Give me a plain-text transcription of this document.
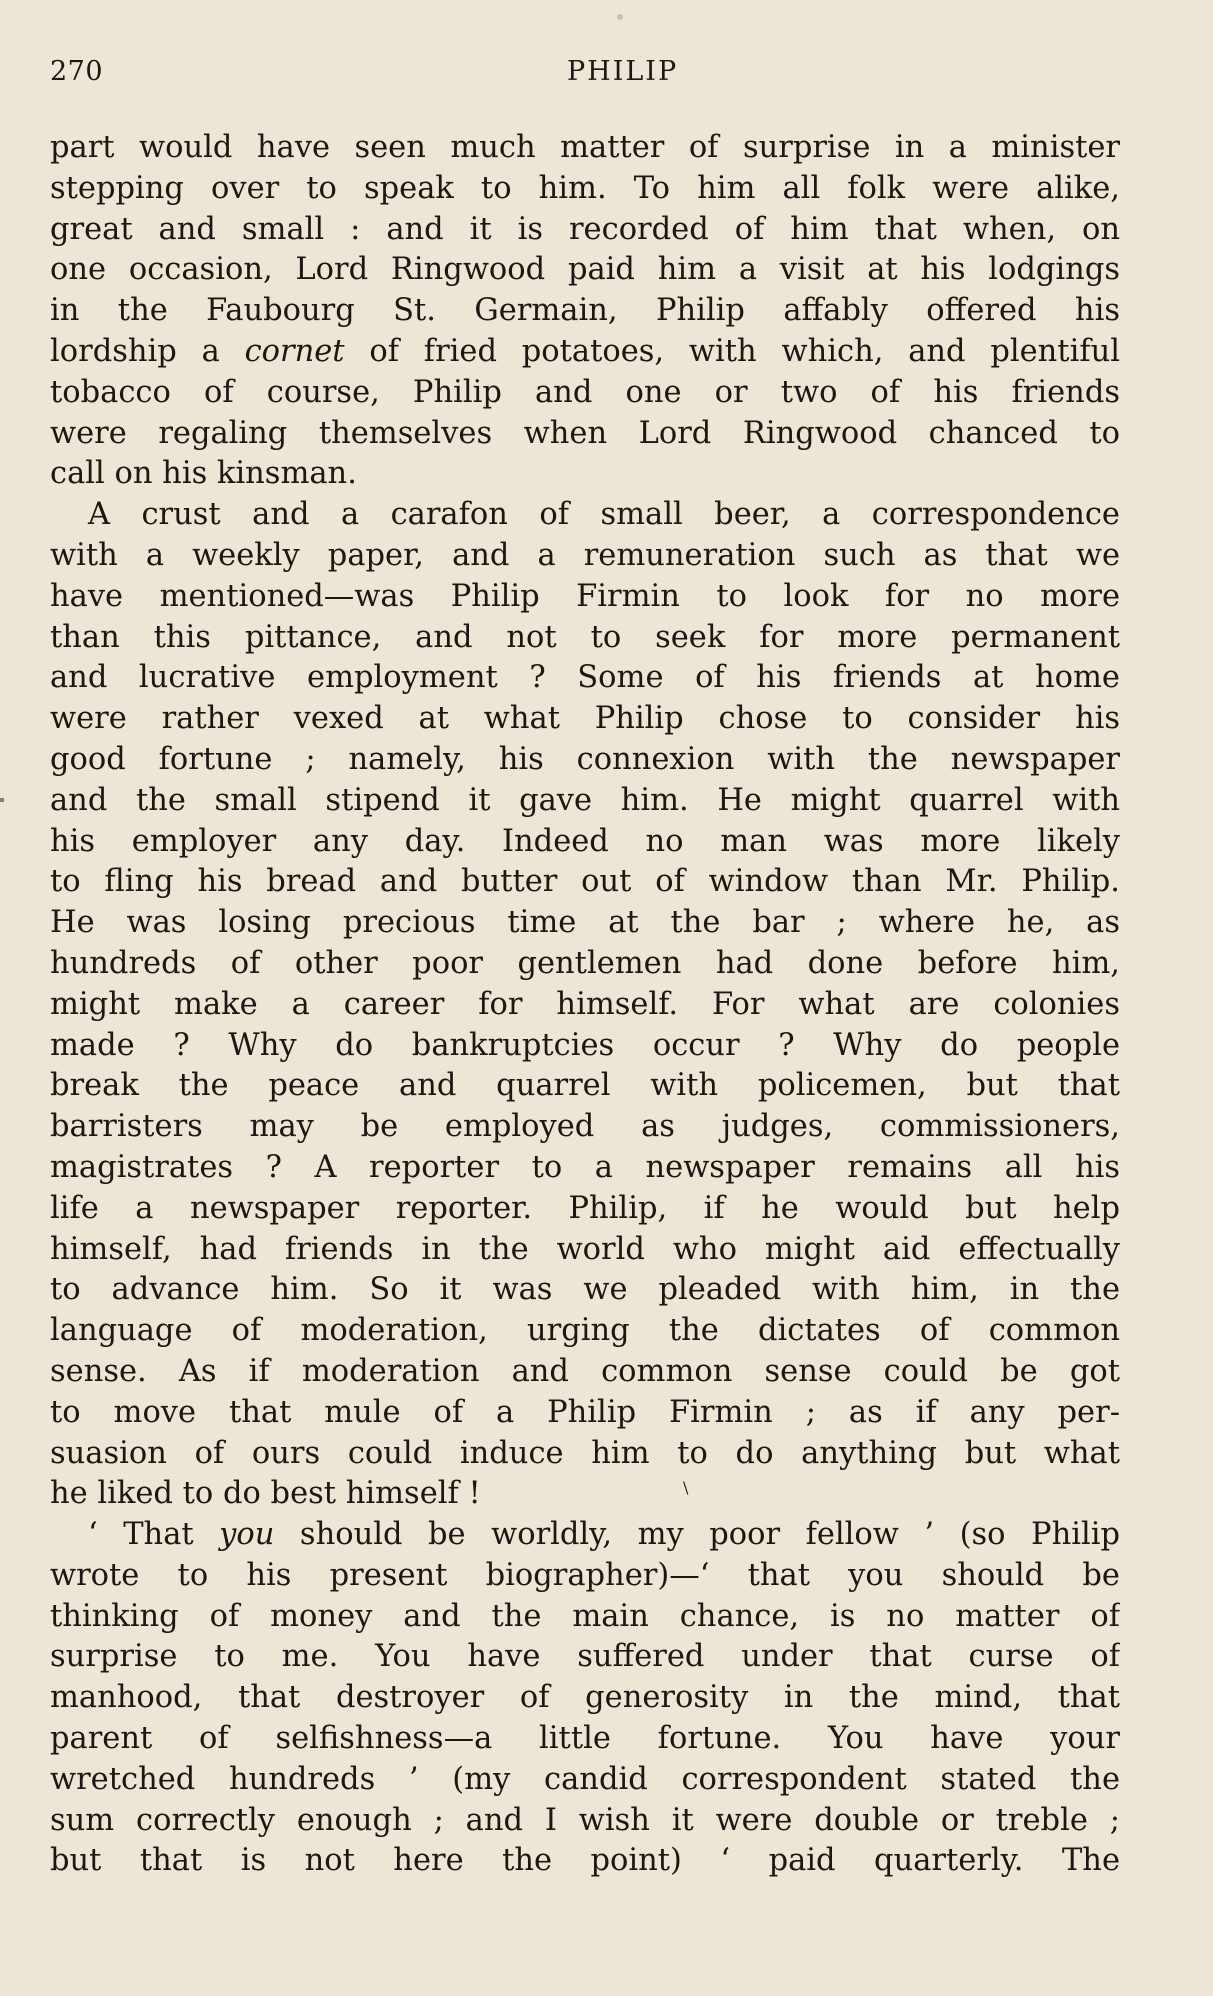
270	PHILIP
part would have seen much matter of surprise in a minister
stepping over to speak to him. To him all folk were alike,
great and small : and it is recorded of him that when, on
one occasion, Lord Ringwood paid him a visit at his lodgings
in the Faubourg St. Germain, Philip affably offered his
lordship a cornet of fried potatoes, with which, and plentiful
tobacco of course, Philip and one or two of his friends
were regaling themselves when Lord Ringwood chanced to
call on his kinsman.
A crust and a carafon of small beer, a correspondence
with a weekly paper, and a remuneration such as that we
have mentioned—was Philip Firmin to look for no more
than this pittance, and not to seek for more permanent
and lucrative employment ? Some of his friends at home
were rather vexed at what Philip chose to consider his
good fortune ; namely, his connexion with the newspaper
and the small stipend it gave him. He might quarrel with
his employer any day. Indeed no man was more likely
to fling his bread and butter out of window than Mr. Philip.
He was losing precious time at the bar ; where he, as
hundreds of other poor gentlemen had done before him,
might make a career for himself. For what are colonies
made ? Why do bankruptcies occur ? Why do people
break the peace and quarrel with policemen, but that
barristers may be employed as judges, commissioners,
magistrates ? A reporter to a newspaper remains all his
life a newspaper reporter. Philip, if he would but help
himself, had friends in the world who might aid effectually
to advance him. So it was we pleaded with him, in the
language of moderation, urging the dictates of common
sense. As if moderation and common sense could be got
to move that mule of a Philip Firmin ; as if any per-
suasion of ours could induce him to do anything but what
he liked to do best himself !
‘ That you should be worldly, my poor fellow ’ (so Philip
wrote to his present biographer)—‘ that you should be
thinking of money and the main chance, is no matter of
surprise to me. You have suffered under that curse of
manhood, that destroyer of generosity in the mind, that
parent of selfishness—a little fortune. You have your
wretched hundreds ’ (my candid correspondent stated the
sum correctly enough ; and I wish it were double or treble ;
but that is not here the point) ‘ paid quarterly. The
\
